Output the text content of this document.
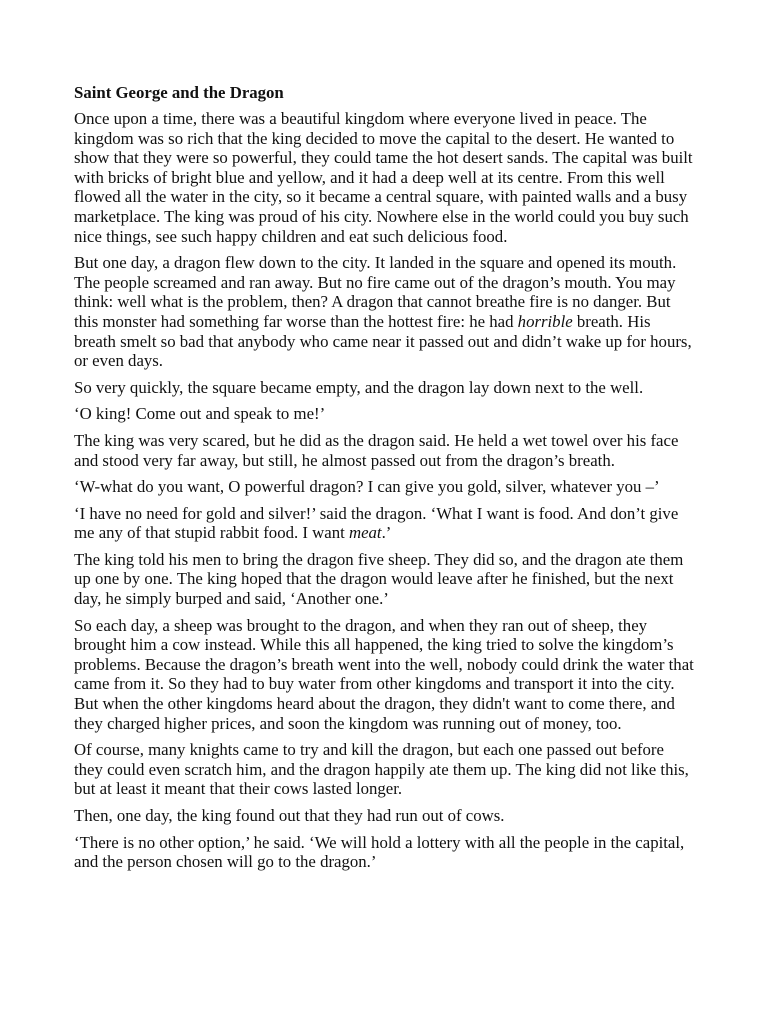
Saint George and the Dragon

Once upon a time, there was a beautiful kingdom where everyone lived in peace. The kingdom was so rich that the king decided to move the capital to the desert. He wanted to show that they were so powerful, they could tame the hot desert sands. The capital was built with bricks of bright blue and yellow, and it had a deep well at its centre. From this well flowed all the water in the city, so it became a central square, with painted walls and a busy marketplace. The king was proud of his city. Nowhere else in the world could you buy such nice things, see such happy children and eat such delicious food.

But one day, a dragon flew down to the city. It landed in the square and opened its mouth. The people screamed and ran away. But no fire came out of the dragon’s mouth. You may think: well what is the problem, then? A dragon that cannot breathe fire is no danger. But this monster had something far worse than the hottest fire: he had horrible breath. His breath smelt so bad that anybody who came near it passed out and didn’t wake up for hours, or even days.

So very quickly, the square became empty, and the dragon lay down next to the well.

‘O king! Come out and speak to me!’

The king was very scared, but he did as the dragon said. He held a wet towel over his face and stood very far away, but still, he almost passed out from the dragon’s breath.

‘W-what do you want, O powerful dragon? I can give you gold, silver, whatever you –’

‘I have no need for gold and silver!’ said the dragon. ‘What I want is food. And don’t give me any of that stupid rabbit food. I want meat.’

The king told his men to bring the dragon five sheep. They did so, and the dragon ate them up one by one. The king hoped that the dragon would leave after he finished, but the next day, he simply burped and said, ‘Another one.’

So each day, a sheep was brought to the dragon, and when they ran out of sheep, they brought him a cow instead. While this all happened, the king tried to solve the kingdom’s problems. Because the dragon’s breath went into the well, nobody could drink the water that came from it. So they had to buy water from other kingdoms and transport it into the city. But when the other kingdoms heard about the dragon, they didn't want to come there, and they charged higher prices, and soon the kingdom was running out of money, too.

Of course, many knights came to try and kill the dragon, but each one passed out before they could even scratch him, and the dragon happily ate them up. The king did not like this, but at least it meant that their cows lasted longer.

Then, one day, the king found out that they had run out of cows.

‘There is no other option,’ he said. ‘We will hold a lottery with all the people in the capital, and the person chosen will go to the dragon.’
